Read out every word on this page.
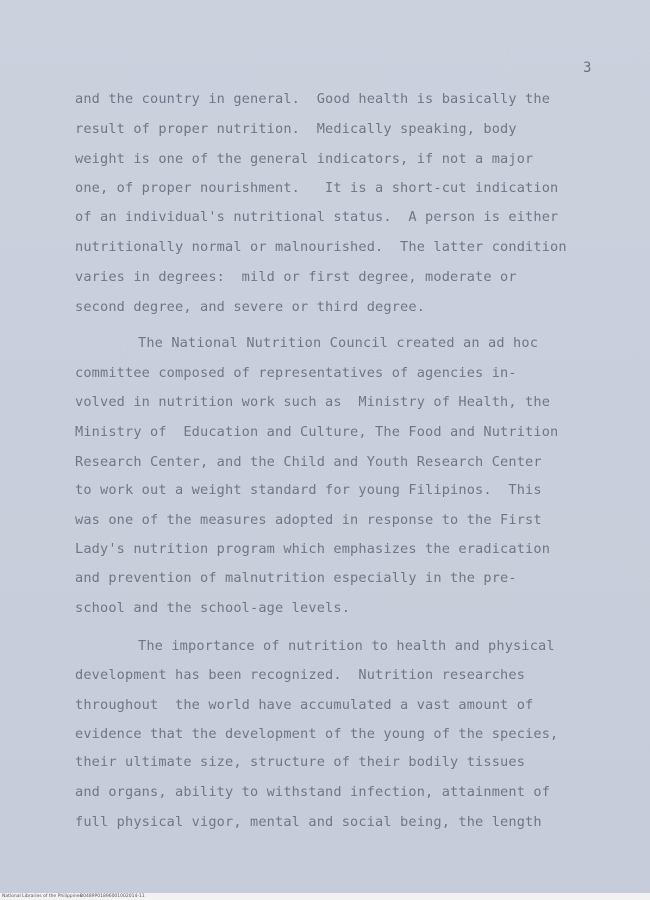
3
and the country in general.  Good health is basically the
result of proper nutrition.  Medically speaking, body
weight is one of the general indicators, if not a major
one, of proper nourishment.   It is a short-cut indication
of an individual's nutritional status.  A person is either
nutritionally normal or malnourished.  The latter condition
varies in degrees:  mild or first degree, moderate or
second degree, and severe or third degree.
The National Nutrition Council created an ad hoc
committee composed of representatives of agencies in-
volved in nutrition work such as  Ministry of Health, the
Ministry of  Education and Culture, The Food and Nutrition
Research Center, and the Child and Youth Research Center
to work out a weight standard for young Filipinos.  This
was one of the measures adopted in response to the First
Lady's nutrition program which emphasizes the eradication
and prevention of malnutrition especially in the pre-
school and the school-age levels.
The importance of nutrition to health and physical
development has been recognized.  Nutrition researches
throughout  the world have accumulated a vast amount of
evidence that the development of the young of the species,
their ultimate size, structure of their bodily tissues
and organs, ability to withstand infection, attainment of
full physical vigor, mental and social being, the length
National Libraries of the Philippines
B0489P01896001002014-11
